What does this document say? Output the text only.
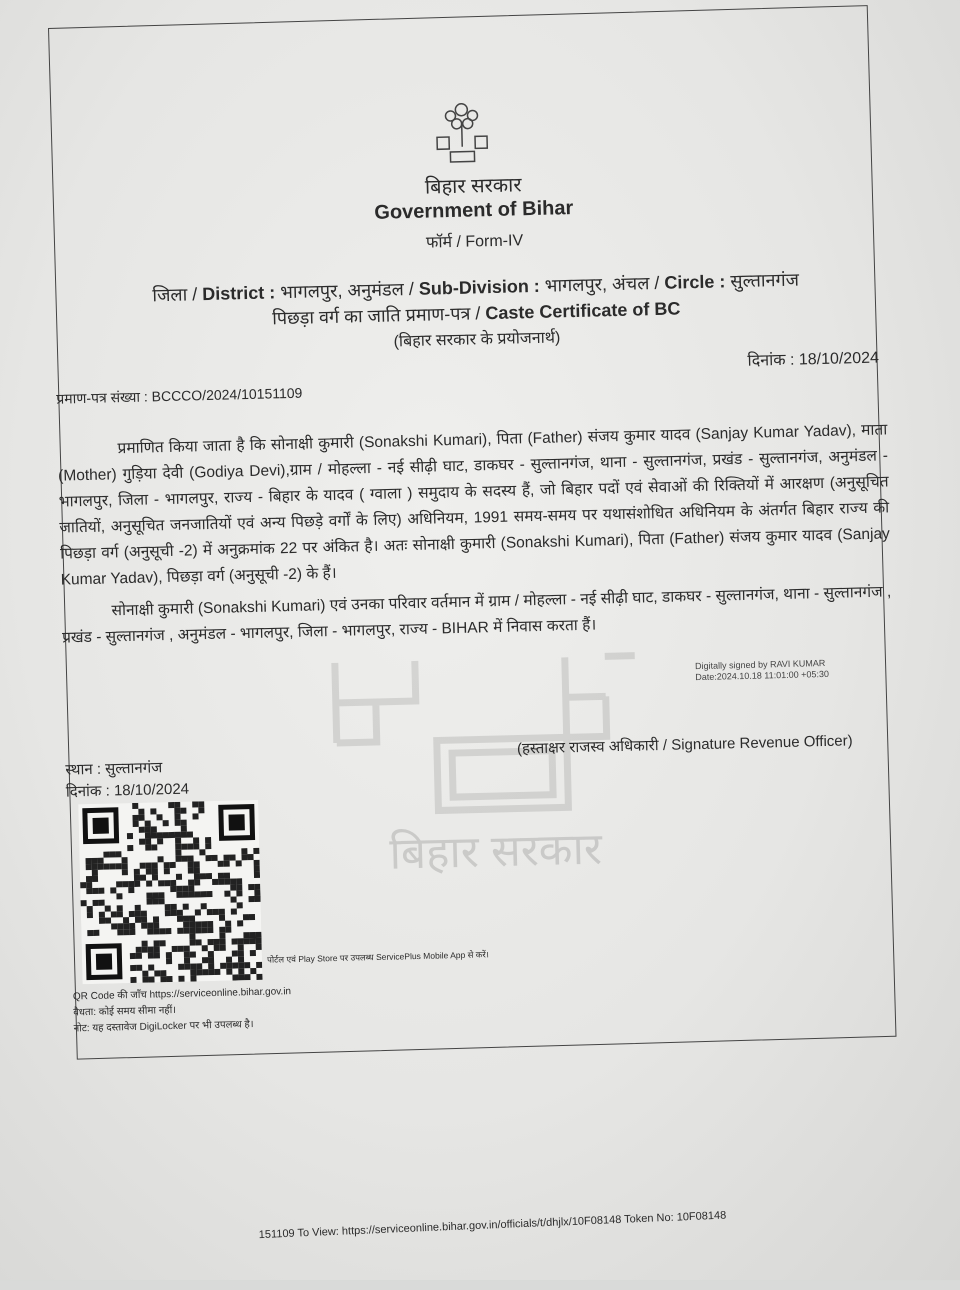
बिहार सरकार
बिहार सरकार
Government of Bihar
फॉर्म / Form-IV
जिला / District : भागलपुर, अनुमंडल / Sub-Division : भागलपुर, अंचल / Circle : सुल्तानगंज
पिछड़ा वर्ग का जाति प्रमाण-पत्र / Caste Certificate of BC
(बिहार सरकार के प्रयोजनार्थ)
दिनांक : 18/10/2024
प्रमाण-पत्र संख्या : BCCCO/2024/10151109
प्रमाणित किया जाता है कि सोनाक्षी कुमारी (Sonakshi Kumari), पिता (Father) संजय कुमार यादव (Sanjay Kumar Yadav), माता (Mother) गुड़िया देवी (Godiya Devi),ग्राम / मोहल्ला - नई सीढ़ी घाट, डाकघर - सुल्तानगंज, थाना - सुल्तानगंज, प्रखंड - सुल्तानगंज, अनुमंडल - भागलपुर, जिला - भागलपुर, राज्य - बिहार के यादव ( ग्वाला ) समुदाय के सदस्य हैं, जो बिहार पदों एवं सेवाओं की रिक्तियों में आरक्षण (अनुसूचित जातियों, अनुसूचित जनजातियों एवं अन्य पिछड़े वर्गों के लिए) अधिनियम, 1991 समय-समय पर यथासंशोधित अधिनियम के अंतर्गत बिहार राज्य की पिछड़ा वर्ग (अनुसूची -2) में अनुक्रमांक 22 पर अंकित है। अतः सोनाक्षी कुमारी (Sonakshi Kumari), पिता (Father) संजय कुमार यादव (Sanjay Kumar Yadav), पिछड़ा वर्ग (अनुसूची -2) के हैं।
सोनाक्षी कुमारी (Sonakshi Kumari) एवं उनका परिवार वर्तमान में ग्राम / मोहल्ला - नई सीढ़ी घाट, डाकघर - सुल्तानगंज, थाना - सुल्तानगंज , प्रखंड - सुल्तानगंज , अनुमंडल - भागलपुर, जिला - भागलपुर, राज्य - BIHAR में निवास करता हैं।
Digitally signed by RAVI KUMAR
Date:2024.10.18 11:01:00 +05:30
(हस्ताक्षर राजस्व अधिकारी / Signature Revenue Officer)
स्थान : सुल्तानगंज
दिनांक : 18/10/2024
पोर्टल एवं Play Store पर उपलब्ध ServicePlus Mobile App से करें।
QR Code की जाँच https://serviceonline.bihar.gov.in
वैधता: कोई समय सीमा नहीं।
नोट: यह दस्तावेज DigiLocker पर भी उपलब्ध है।
151109 To View: https://serviceonline.bihar.gov.in/officials/t/dhjlx/10F08148 Token No: 10F08148
